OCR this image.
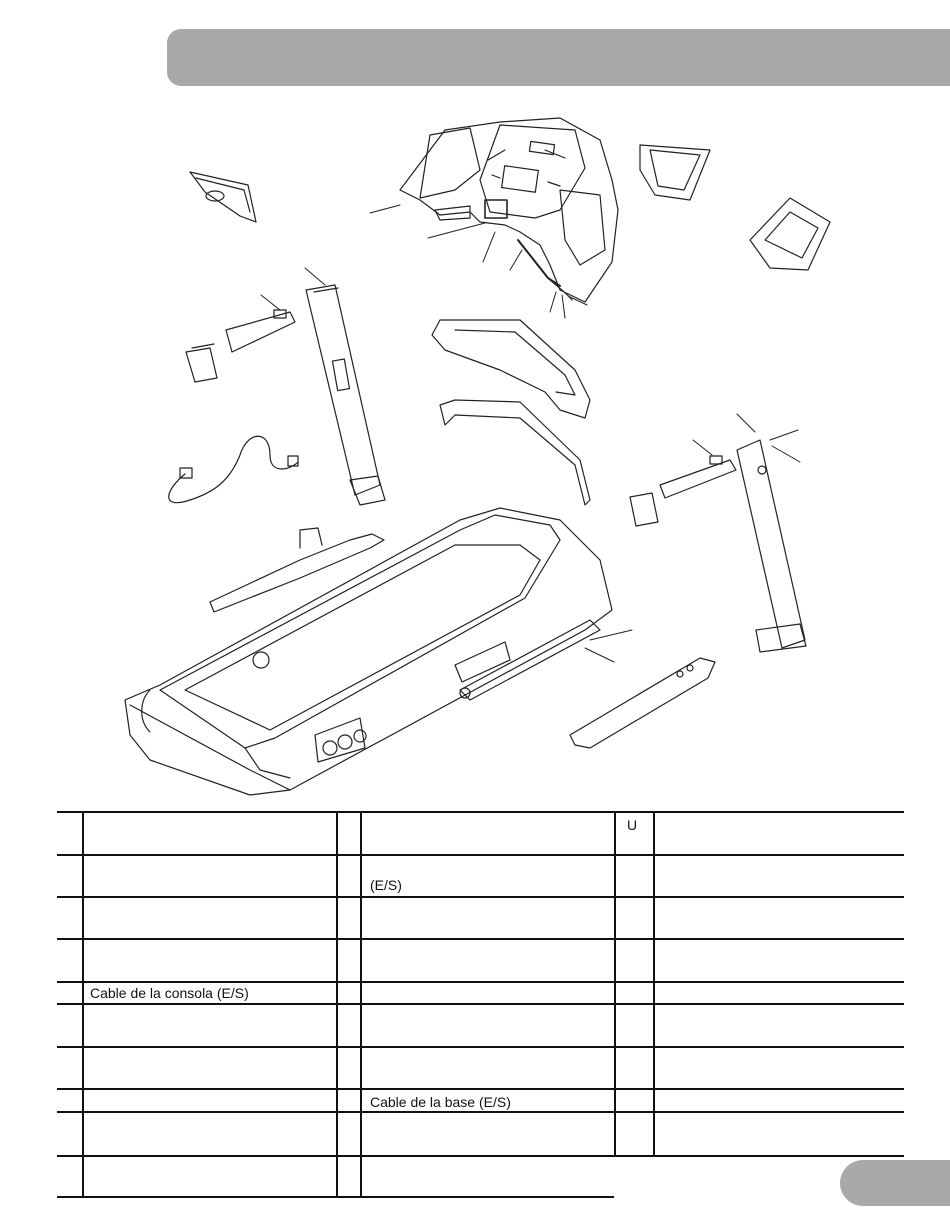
U
(E/S)
Cable de la consola (E/S)
Cable de la base (E/S)
